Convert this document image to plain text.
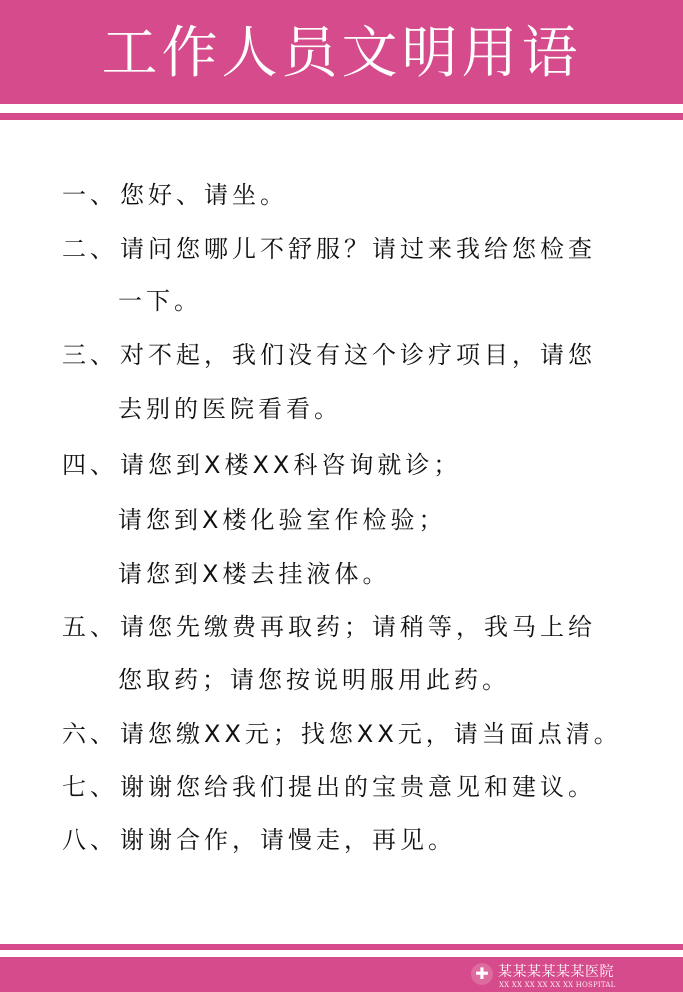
工作人员文明用语
一、您好、请坐。
二、请问您哪儿不舒服？请过来我给您检查
一下。
三、对不起，我们没有这个诊疗项目，请您
去别的医院看看。
四、请您到X楼XX科咨询就诊；
请您到X楼化验室作检验；
请您到X楼去挂液体。
五、请您先缴费再取药；请稍等，我马上给
您取药；请您按说明服用此药。
六、请您缴XX元；找您XX元，请当面点清。
七、谢谢您给我们提出的宝贵意见和建议。
八、谢谢合作，请慢走，再见。
✚ 某某某某某某医院
XX XX XX XX XX XX HOSPITAL
